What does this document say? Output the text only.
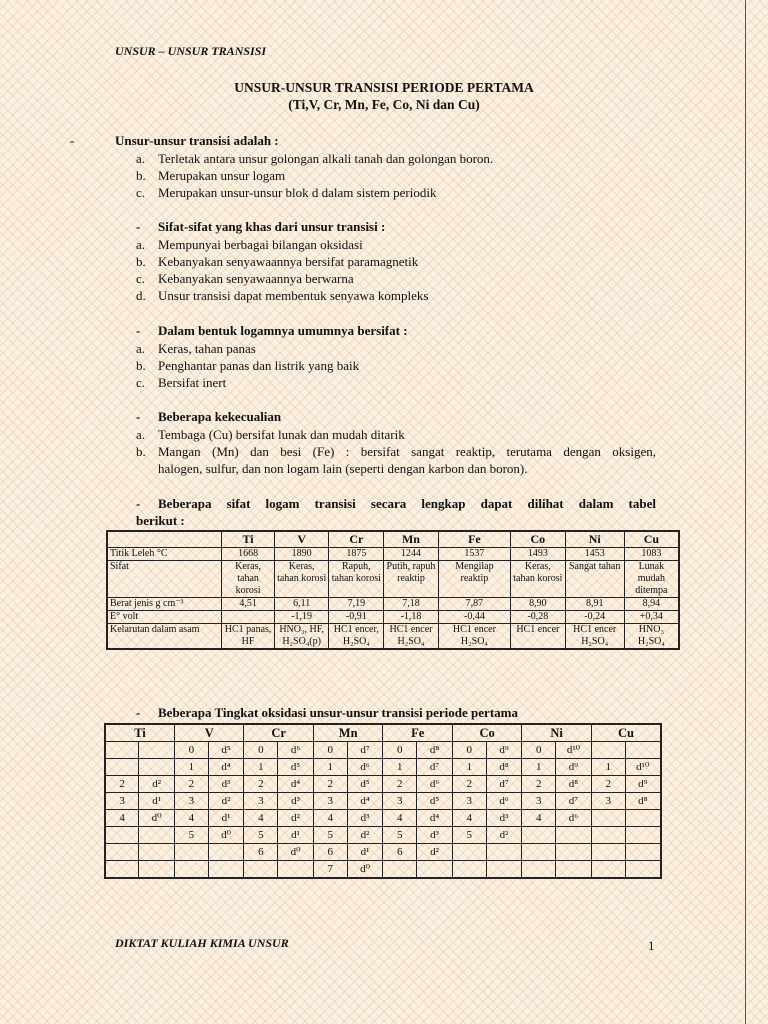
UNSUR – UNSUR TRANSISI
UNSUR-UNSUR TRANSISI PERIODE PERTAMA
(Ti,V, Cr, Mn, Fe, Co, Ni dan Cu)
-	Unsur-unsur transisi adalah :
a. Terletak antara unsur golongan alkali tanah dan golongan boron.
b. Merupakan unsur logam
c. Merupakan unsur-unsur blok d dalam sistem periodik
- Sifat-sifat yang khas dari unsur transisi :
a. Mempunyai berbagai bilangan oksidasi
b. Kebanyakan senyawaannya bersifat paramagnetik
c. Kebanyakan senyawaannya berwarna
d. Unsur transisi dapat membentuk senyawa kompleks
- Dalam bentuk logamnya umumnya bersifat :
a. Keras, tahan panas
b. Penghantar panas dan listrik yang baik
c. Bersifat inert
- Beberapa kekecualian
a. Tembaga (Cu) bersifat lunak dan mudah ditarik
b. Mangan (Mn) dan besi (Fe) : bersifat sangat reaktip, terutama dengan oksigen,
halogen, sulfur, dan non logam lain (seperti dengan karbon dan boron).
- Beberapa sifat logam transisi secara lengkap dapat dilihat dalam tabel
berikut :
	Ti	V	Cr	Mn	Fe	Co	Ni	Cu
Titik Leleh °C	1668	1890	1875	1244	1537	1493	1453	1083
Sifat	Keras, tahan korosi	Keras, tahan korosi	Rapuh, tahan korosi	Putih, rapuh reaktip	Mengilap reaktip	Keras, tahan korosi	Sangat tahan	Lunak mudah ditempa
Berat jenis g cm⁻³	4,51	6,11	7,19	7,18	7,87	8,90	8,91	8,94
E° volt		-1,19	-0,91	-1,18	-0,44	-0,28	-0,24	+0,34
Kelarutan dalam asam	HC1 panas, HF	HNO₃, HF, H₂SO₄(p)	HC1 encer, H₂SO₄	HC1 encer H₂SO₄	HC1 encer H₂SO₄	HC1 encer	HC1 encer H₂SO₄	HNO₃ H₂SO₄
- Beberapa Tingkat oksidasi unsur-unsur transisi periode pertama
Ti		V		Cr		Mn		Fe		Co		Ni		Cu	
		0	d⁵	0	d⁶	0	d⁷	0	d⁸	0	d⁹	0	d¹⁰		
		1	d⁴	1	d⁵	1	d⁶	1	d⁷	1	d⁸	1	d⁹	1	d¹⁰
2	d²	2	d³	2	d⁴	2	d⁵	2	d⁶	2	d⁷	2	d⁸	2	d⁹
3	d¹	3	d²	3	d³	3	d⁴	3	d⁵	3	d⁶	3	d⁷	3	d⁸
4	d⁰	4	d¹	4	d²	4	d³	4	d⁴	4	d³	4	d⁶		
		5	d⁰	5	d¹	5	d²	5	d³	5	d²				
				6	d⁰	6	d¹	6	d²						
						7	d⁰								
DIKTAT KULIAH KIMIA UNSUR	1
